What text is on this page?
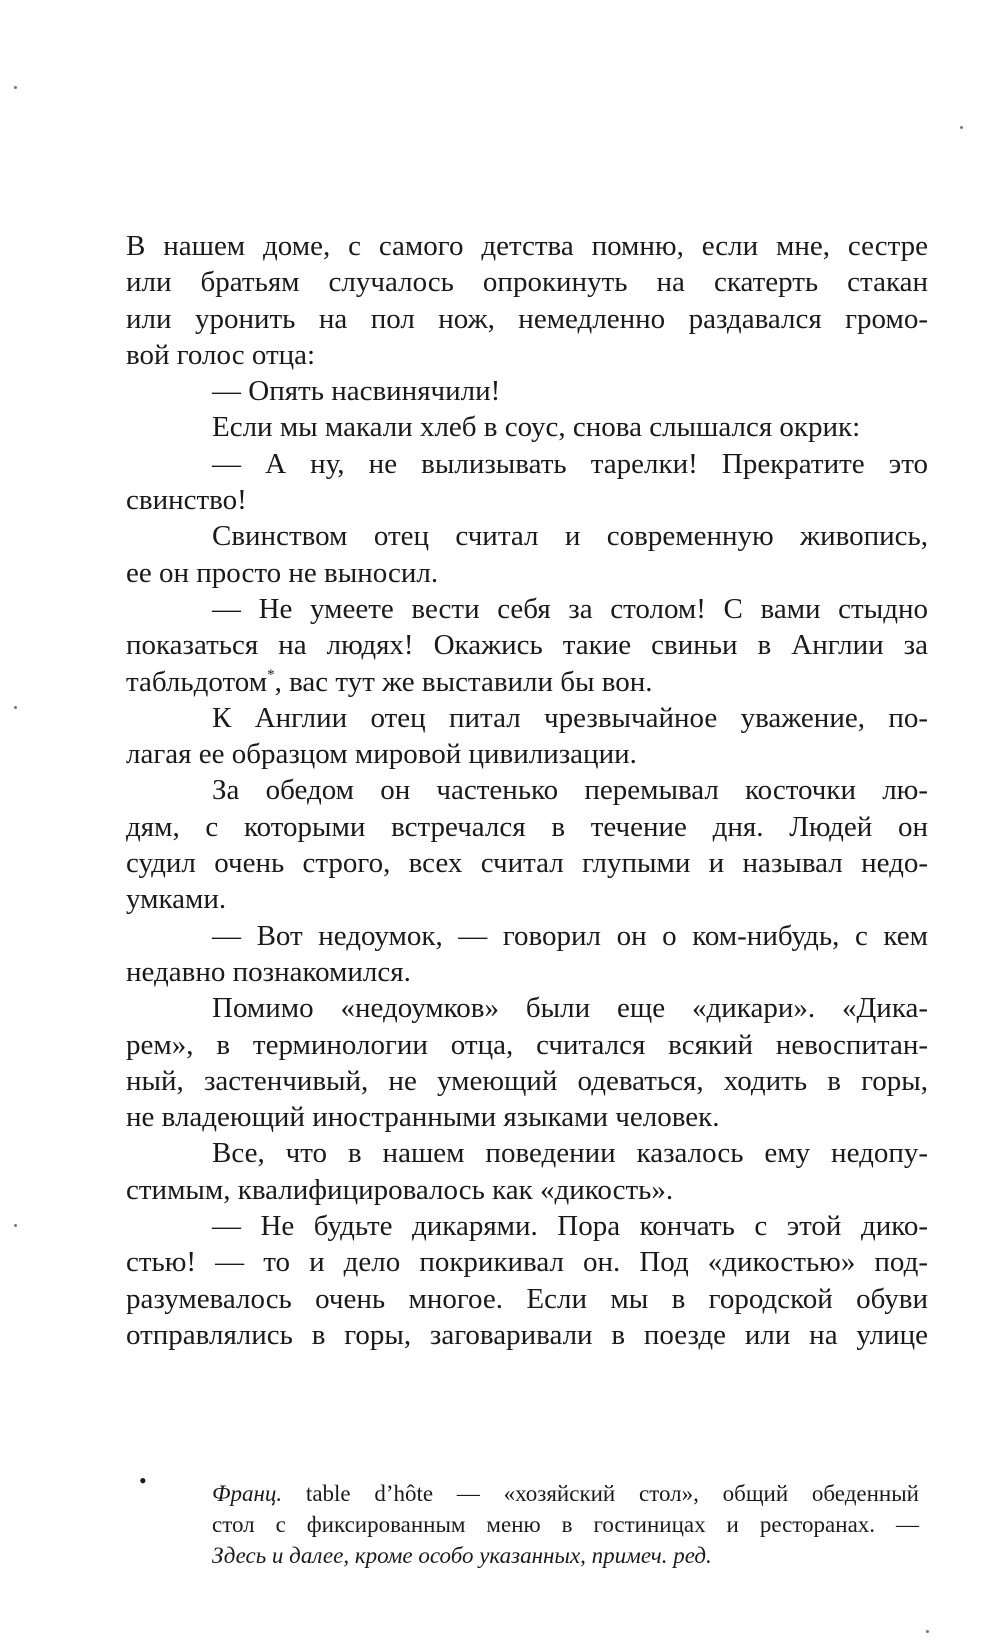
В нашем доме, с самого детства помню, если мне, сестре
или братьям случалось опрокинуть на скатерть стакан
или уронить на пол нож, немедленно раздавался громо-
вой голос отца:
— Опять насвинячили!
Если мы макали хлеб в соус, снова слышался окрик:
— А ну, не вылизывать тарелки! Прекратите это
свинство!
Свинством отец считал и современную живопись,
ее он просто не выносил.
— Не умеете вести себя за столом! С вами стыдно
показаться на людях! Окажись такие свиньи в Англии за
табльдотом*, вас тут же выставили бы вон.
К Англии отец питал чрезвычайное уважение, по-
лагая ее образцом мировой цивилизации.
За обедом он частенько перемывал косточки лю-
дям, с которыми встречался в течение дня. Людей он
судил очень строго, всех считал глупыми и называл недо-
умками.
— Вот недоумок, — говорил он о ком-нибудь, с кем
недавно познакомился.
Помимо «недоумков» были еще «дикари». «Дика-
рем», в терминологии отца, считался всякий невоспитан-
ный, застенчивый, не умеющий одеваться, ходить в горы,
не владеющий иностранными языками человек.
Все, что в нашем поведении казалось ему недопу-
стимым, квалифицировалось как «дикость».
— Не будьте дикарями. Пора кончать с этой дико-
стью! — то и дело покрикивал он. Под «дикостью» под-
разумевалось очень многое. Если мы в городской обуви
отправлялись в горы, заговаривали в поезде или на улице
•
Франц. table d’hôte — «хозяйский стол», общий обеденный
стол с фиксированным меню в гостиницах и ресторанах. —
Здесь и далее, кроме особо указанных, примеч. ред.
